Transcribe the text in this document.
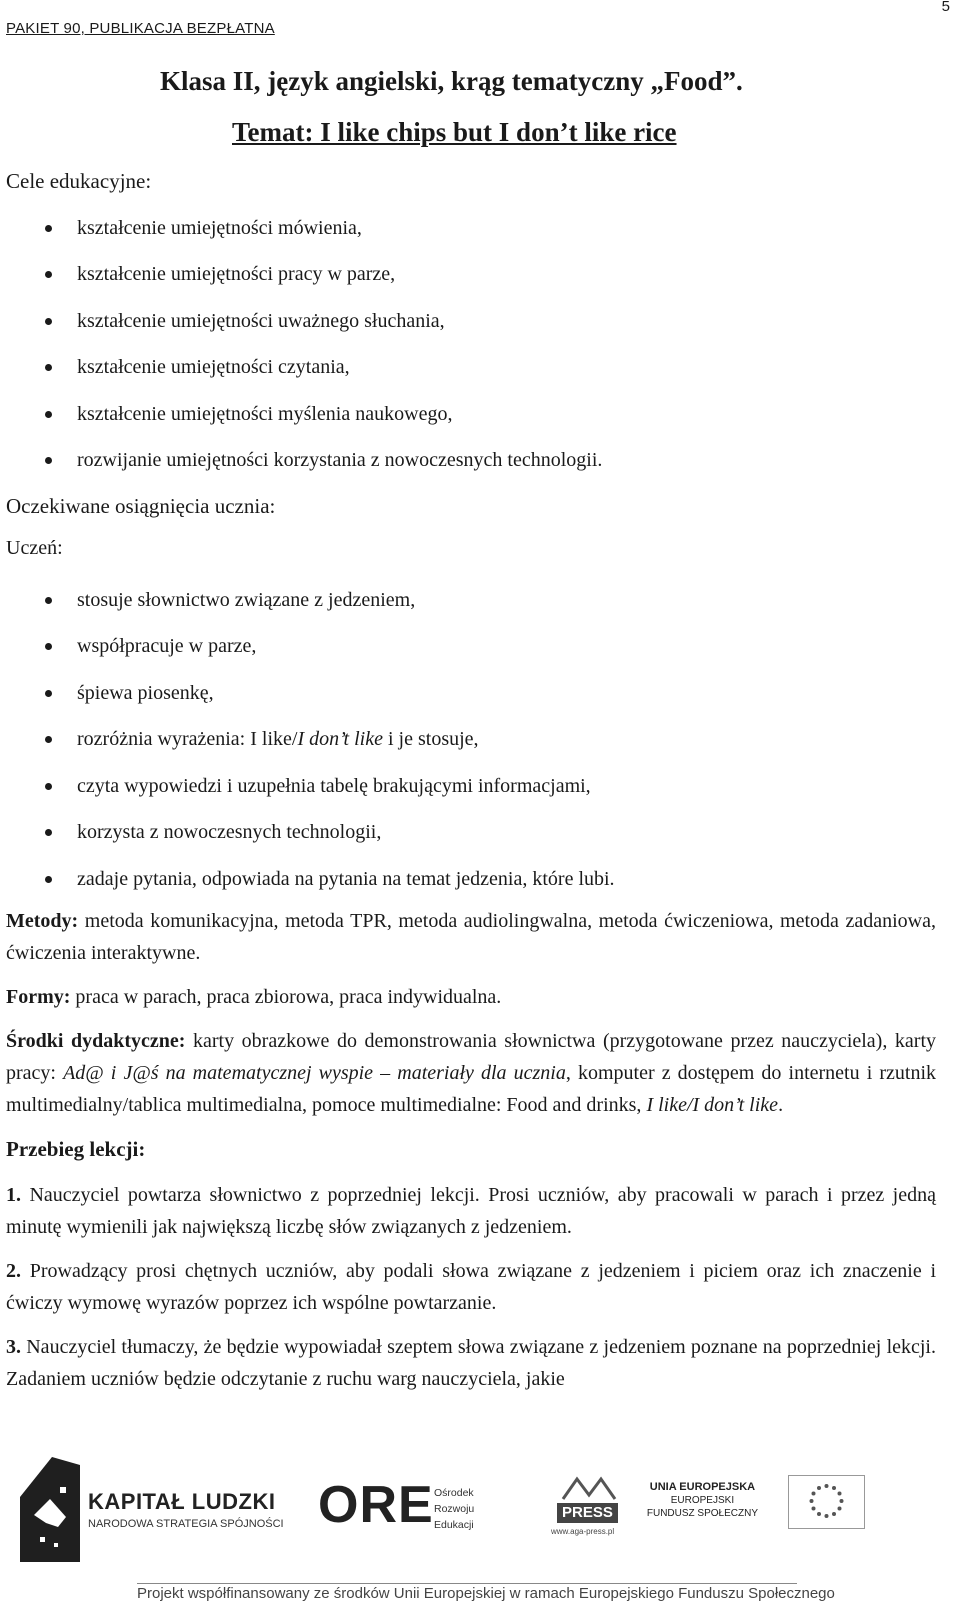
PAKIET 90, PUBLIKACJA BEZPŁATNA
5
Klasa II, język angielski, krąg tematyczny „Food”.
Temat: I like chips but I don’t like rice
Cele edukacyjne:
kształcenie umiejętności mówienia,
kształcenie umiejętności pracy w parze,
kształcenie umiejętności uważnego słuchania,
kształcenie umiejętności czytania,
kształcenie umiejętności myślenia naukowego,
rozwijanie umiejętności korzystania z nowoczesnych technologii.
Oczekiwane osiągnięcia ucznia:
Uczeń:
stosuje słownictwo związane z jedzeniem,
współpracuje w parze,
śpiewa piosenkę,
rozróżnia wyrażenia: I like/I don’t like i je stosuje,
czyta wypowiedzi i uzupełnia tabelę brakującymi informacjami,
korzysta z nowoczesnych technologii,
zadaje pytania, odpowiada na pytania na temat jedzenia, które lubi.

Metody: metoda komunikacyjna, metoda TPR, metoda audiolingwalna, metoda ćwiczeniowa, metoda zadaniowa, ćwiczenia interaktywne.

Formy: praca w parach, praca zbiorowa, praca indywidualna.

Środki dydaktyczne: karty obrazkowe do demonstrowania słownictwa (przygotowane przez nauczyciela), karty pracy: Ad@ i J@ś na matematycznej wyspie – materiały dla ucznia, komputer z dostępem do internetu i rzutnik multimedialny/tablica multimedialna, pomoce multimedialne: Food and drinks, I like/I don’t like.

Przebieg lekcji:

1. Nauczyciel powtarza słownictwo z poprzedniej lekcji. Prosi uczniów, aby pracowali w parach i przez jedną minutę wymienili jak największą liczbę słów związanych z jedzeniem.

2. Prowadzący prosi chętnych uczniów, aby podali słowa związane z jedzeniem i piciem oraz ich znaczenie i ćwiczy wymowę wyrazów poprzez ich wspólne powtarzanie.

3. Nauczyciel tłumaczy, że będzie wypowiadał szeptem słowa związane z jedzeniem poznane na poprzedniej lekcji. Zadaniem uczniów będzie odczytanie z ruchu warg nauczyciela, jakie

KAPITAŁ LUDZKI
NARODOWA STRATEGIA SPÓJNOŚCI ORE Ośrodek
Rozwoju
Edukacji
PRESS
www.aga-press.pl
UNIA EUROPEJSKA
EUROPEJSKI
FUNDUSZ SPOŁECZNY
Projekt współfinansowany ze środków Unii Europejskiej w ramach Europejskiego Funduszu Społecznego
